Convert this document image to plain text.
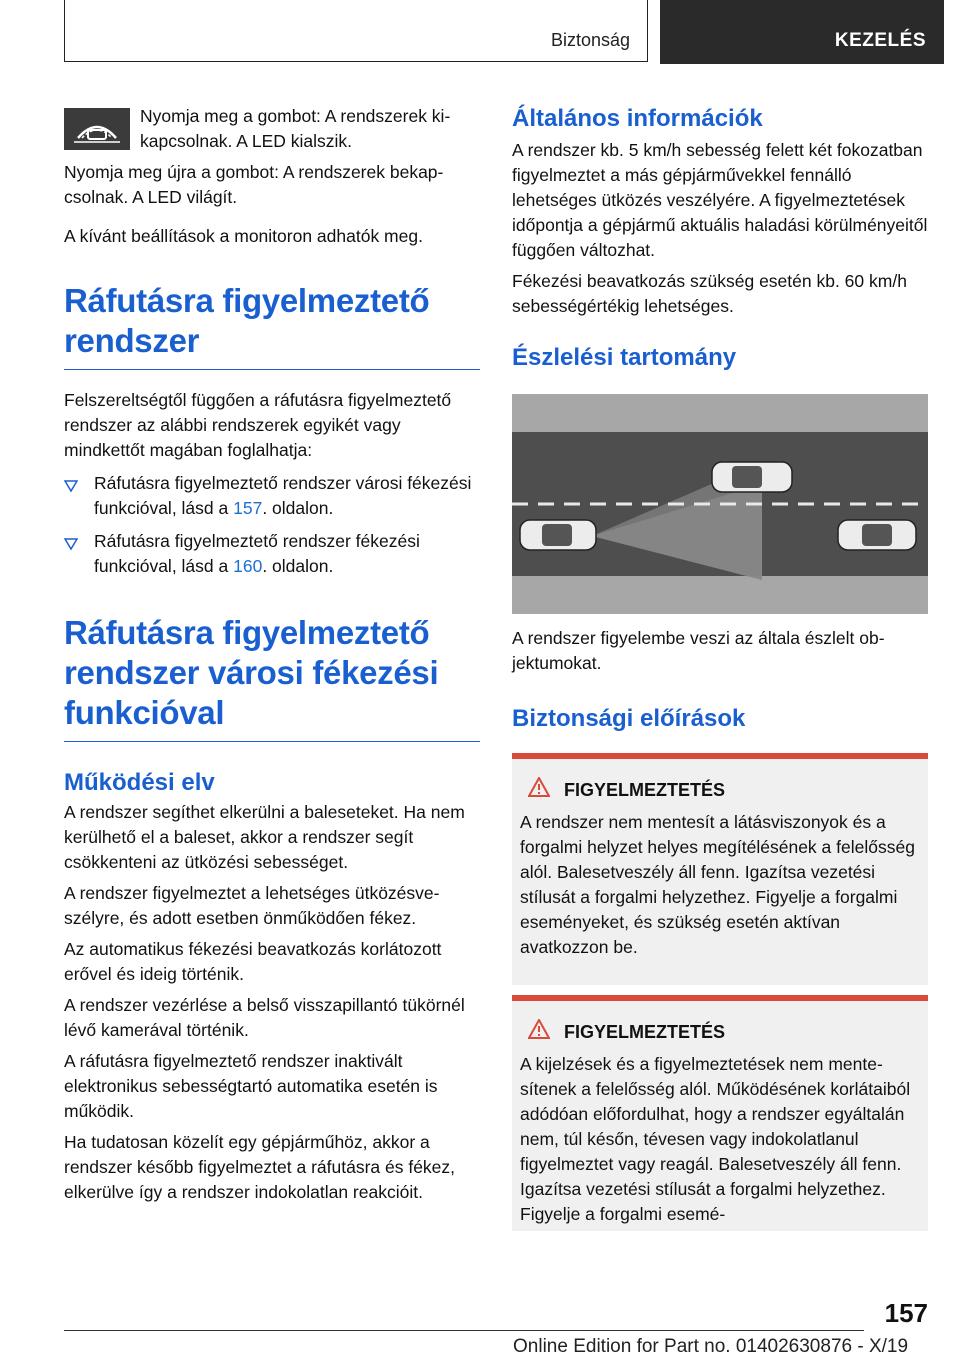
Biztonság	KEZELÉS

Nyomja meg a gombot: A rendszerek kikapcsolnak. A LED kialszik.

Nyomja meg újra a gombot: A rendszerek bekapcsolnak. A LED világít.

A kívánt beállítások a monitoron adhatók meg.

Ráfutásra figyelmeztető rendszer

Felszereltségtől függően a ráfutásra figyelmeztető rendszer az alábbi rendszerek egyikét vagy mindkettőt magában foglalhatja:

Ráfutásra figyelmeztető rendszer városi fékezési funkcióval, lásd a 157. oldalon.
Ráfutásra figyelmeztető rendszer fékezési funkcióval, lásd a 160. oldalon.
Ráfutásra figyelmeztető rendszer városi fékezési funkcióval
Működési elv

A rendszer segíthet elkerülni a baleseteket. Ha nem kerülhető el a baleset, akkor a rendszer segít csökkenteni az ütközési sebességet.

A rendszer figyelmeztet a lehetséges ütközésveszélyre, és adott esetben önműködően fékez.

Az automatikus fékezési beavatkozás korlátozott erővel és ideig történik.

A rendszer vezérlése a belső visszapillantó tükörnél lévő kamerával történik.

A ráfutásra figyelmeztető rendszer inaktivált elektronikus sebességtartó automatika esetén is működik.

Ha tudatosan közelít egy gépjárműhöz, akkor a rendszer később figyelmeztet a ráfutásra és fékez, elkerülve így a rendszer indokolatlan reakcióit.

Általános információk

A rendszer kb. 5 km/h sebesség felett két fokozatban figyelmeztet a más gépjárművekkel fennálló lehetséges ütközés veszélyére. A figyelmeztetések időpontja a gépjármű aktuális haladási körülményeitől függően változhat.

Fékezési beavatkozás szükség esetén kb. 60 km/h sebességértékig lehetséges.

Észlelési tartomány

A rendszer figyelembe veszi az általa észlelt objektumokat.

Biztonsági előírások
FIGYELMEZTETÉS

A rendszer nem mentesít a látásviszonyok és a forgalmi helyzet helyes megítélésének a felelősség alól. Balesetveszély áll fenn. Igazítsa vezetési stílusát a forgalmi helyzethez. Figyelje a forgalmi eseményeket, és szükség esetén aktívan avatkozzon be.

FIGYELMEZTETÉS

A kijelzések és a figyelmeztetések nem mentesítenek a felelősség alól. Működésének korlátaiból adódóan előfordulhat, hogy a rendszer egyáltalán nem, túl későn, tévesen vagy indokolatlanul figyelmeztet vagy reagál. Balesetveszély áll fenn. Igazítsa vezetési stílusát a forgalmi helyzethez. Figyelje a forgalmi esemé-

157
Online Edition for Part no. 01402630876 - X/19
